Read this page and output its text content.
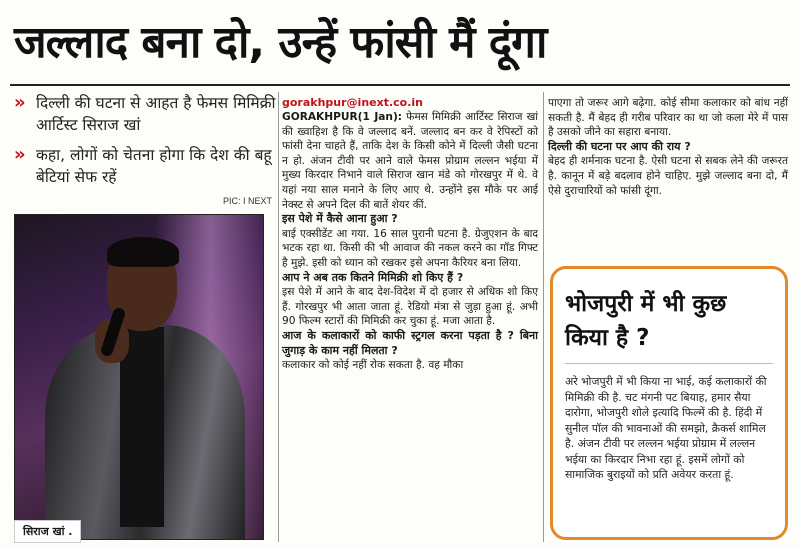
जल्लाद बना दो, उन्हें फांसी मैं दूंगा
» दिल्ली की घटना से आहत है फेमस मिमिक्री आर्टिस्ट सिराज खां
» कहा, लोगों को चेतना होगा कि देश की बहू बेटियां सेफ रहें
PIC: I NEXT
सिराज खां .
gorakhpur@inext.co.in

GORAKHPUR(1 Jan): फेमस मिमिक्री आर्टिस्ट सिराज खां की ख्वाहिश है कि वे जल्लाद बनें. जल्लाद बन कर वे रेपिस्टों को फांसी देना चाहते हैं, ताकि देश के किसी कोने में दिल्ली जैसी घटना न हो. अंजन टीवी पर आने वाले फेमस प्रोग्राम लल्लन भईया में मुख्य किरदार निभाने वाले सिराज खान मंडे को गोरखपुर में थे. वे यहां नया साल मनाने के लिए आए थे. उन्होंने इस मौके पर आई नेक्स्ट से अपने दिल की बातें शेयर कीं.

इस पेशे में कैसे आना हुआ ?

बाई एक्सीडेंट आ गया. 16 साल पुरानी घटना है. ग्रेजुएशन के बाद भटक रहा था. किसी की भी आवाज की नकल करने का गॉड गिफ्ट है मुझे. इसी को ध्यान को रखकर इसे अपना कैरियर बना लिया.

आप ने अब तक कितने मिमिक्री शो किए हैं ?

इस पेशे में आने के बाद देश-विदेश में दो हजार से अधिक शो किए हैं. गोरखपुर भी आता जाता हूं. रेडियो मंत्रा से जुड़ा हुआ हूं. अभी 90 फिल्म स्टारों की मिमिक्री कर चुका हूं. मजा आता है.

आज के कलाकारों को काफी स्ट्रगल करना पड़ता है ? बिना जुगाड़ के काम नहीं मिलता ?

कलाकार को कोई नहीं रोक सकता है. वह मौका

पाएगा तो जरूर आगे बढ़ेगा. कोई सीमा कलाकार को बांध नहीं सकती है. मैं बेहद ही गरीब परिवार का था जो कला मेरे में पास है उसको जीने का सहारा बनाया.

दिल्ली की घटना पर आप की राय ?

बेहद ही शर्मनाक घटना है. ऐसी घटना से सबक लेने की जरूरत है. कानून में बड़े बदलाव होने चाहिए. मुझे जल्लाद बना दो, मैं ऐसे दुराचारियों को फांसी दूंगा.

भोजपुरी में भी कुछ किया है ?
अरे भोजपुरी में भी किया ना भाई, कई कलाकारों की मिमिक्री की है. चट मंगनी पट बियाह, हमार सैया दारोगा, भोजपुरी शोले इत्यादि फिल्में की है. हिंदी में सुनील पॉल की भावनाओं की समझो, क्रैकर्स शामिल है. अंजन टीवी पर लल्लन भईया प्रोग्राम में लल्लन भईया का किरदार निभा रहा हूं. इसमें लोगों को सामाजिक बुराइयों को प्रति अवेयर करता हूं.
